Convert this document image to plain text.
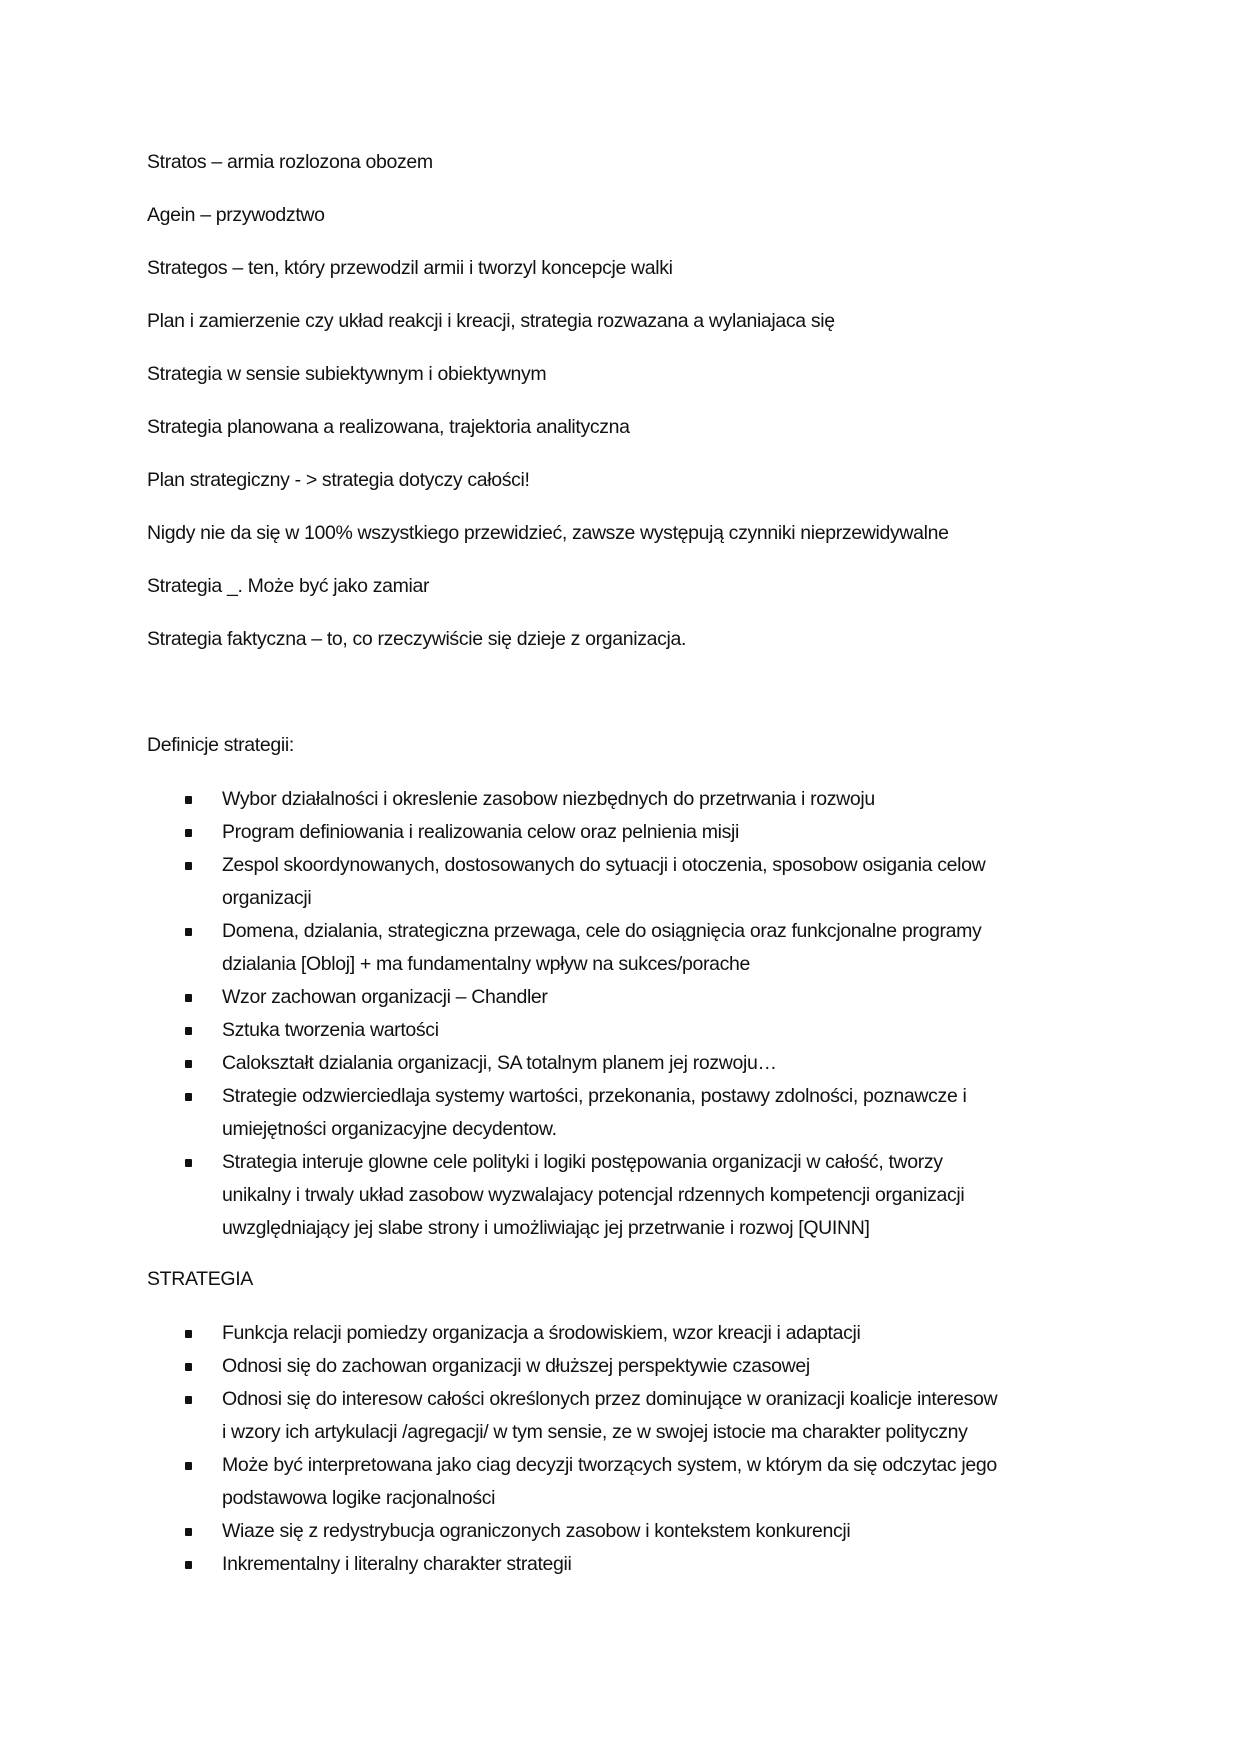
Stratos – armia rozlozona obozem
Agein – przywodztwo
Strategos – ten, który przewodzil armii i tworzyl koncepcje walki
Plan i zamierzenie czy układ reakcji i kreacji, strategia rozwazana a wylaniajaca się
Strategia w sensie subiektywnym i obiektywnym
Strategia planowana a realizowana, trajektoria analityczna
Plan strategiczny - > strategia dotyczy całości!
Nigdy nie da się w 100% wszystkiego przewidzieć, zawsze występują czynniki nieprzewidywalne
Strategia _. Może być jako zamiar
Strategia faktyczna – to, co rzeczywiście się dzieje z organizacja.
Definicje strategii:
Wybor działalności i okreslenie zasobow niezbędnych do przetrwania i rozwoju
Program definiowania i realizowania celow oraz pelnienia misji
Zespol skoordynowanych, dostosowanych do sytuacji i otoczenia, sposobow osigania celow
organizacji
Domena, dzialania, strategiczna przewaga, cele do osiągnięcia oraz funkcjonalne programy
dzialania [Obloj] + ma fundamentalny wpływ na sukces/porache
Wzor zachowan organizacji – Chandler
Sztuka tworzenia wartości
Calokształt dzialania organizacji, SA totalnym planem jej rozwoju…
Strategie odzwierciedlaja systemy wartości, przekonania, postawy zdolności, poznawcze i
umiejętności organizacyjne decydentow.
Strategia interuje glowne cele polityki i logiki postępowania organizacji w całość, tworzy
unikalny i trwaly układ zasobow wyzwalajacy potencjal rdzennych kompetencji organizacji
uwzględniający jej slabe strony i umożliwiając jej przetrwanie i rozwoj [QUINN]
STRATEGIA
Funkcja relacji pomiedzy organizacja a środowiskiem, wzor kreacji i adaptacji
Odnosi się do zachowan organizacji w dłuższej perspektywie czasowej
Odnosi się do interesow całości określonych przez dominujące w oranizacji koalicje interesow
i wzory ich artykulacji /agregacji/ w tym sensie, ze w swojej istocie ma charakter polityczny
Może być interpretowana jako ciag decyzji tworzących system, w którym da się odczytac jego
podstawowa logike racjonalności
Wiaze się z redystrybucja ograniczonych zasobow i kontekstem konkurencji
Inkrementalny i literalny charakter strategii
